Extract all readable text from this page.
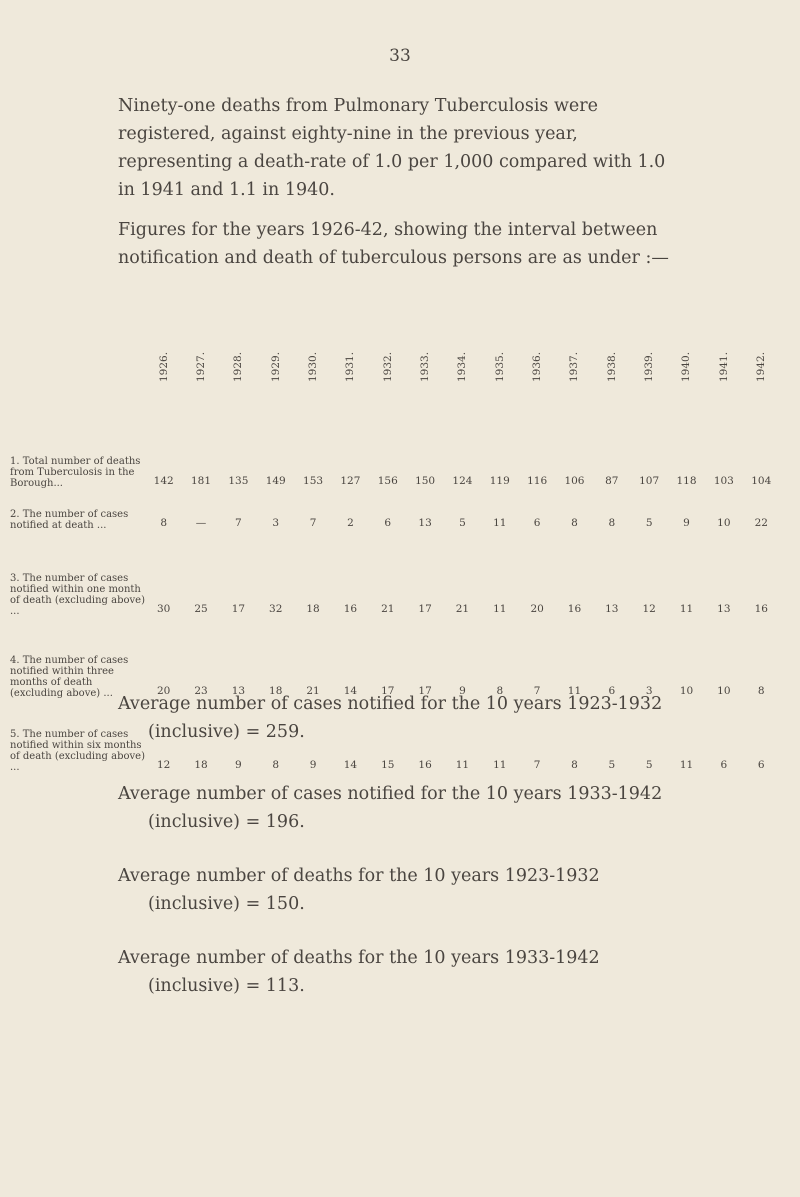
33
Ninety-one deaths from Pulmonary Tuberculosis were registered, against eighty-nine in the previous year, representing a death-rate of 1.0 per 1,000 compared with 1.0 in 1941 and 1.1 in 1940.
Figures for the years 1926-42, showing the interval between notification and death of tuberculous persons are as under :—
	1926.	1927.	1928.	1929.	1930.	1931.	1932.	1933.	1934.	1935.	1936.	1937.	1938.	1939.	1940.	1941.	1942.
1. Total number of deaths from Tuberculosis in the Borough...	142	181	135	149	153	127	156	150	124	119	116	106	87	107	118	103	104
2. The number of cases notified at death ...	8	—	7	3	7	2	6	13	5	11	6	8	8	5	9	10	22
3. The number of cases notified within one month of death (excluding above) ...	30	25	17	32	18	16	21	17	21	11	20	16	13	12	11	13	16
4. The number of cases notified within three months of death (excluding above) ...	20	23	13	18	21	14	17	17	9	8	7	11	6	3	10	10	8
5. The number of cases notified within six months of death (excluding above) ...	12	18	9	8	9	14	15	16	11	11	7	8	5	5	11	6	6
Average number of cases notified for the 10 years 1923-1932
(inclusive) = 259.
Average number of cases notified for the 10 years 1933-1942
(inclusive) = 196.
Average number of deaths for the 10 years 1923-1932
(inclusive) = 150.
Average number of deaths for the 10 years 1933-1942
(inclusive) = 113.
